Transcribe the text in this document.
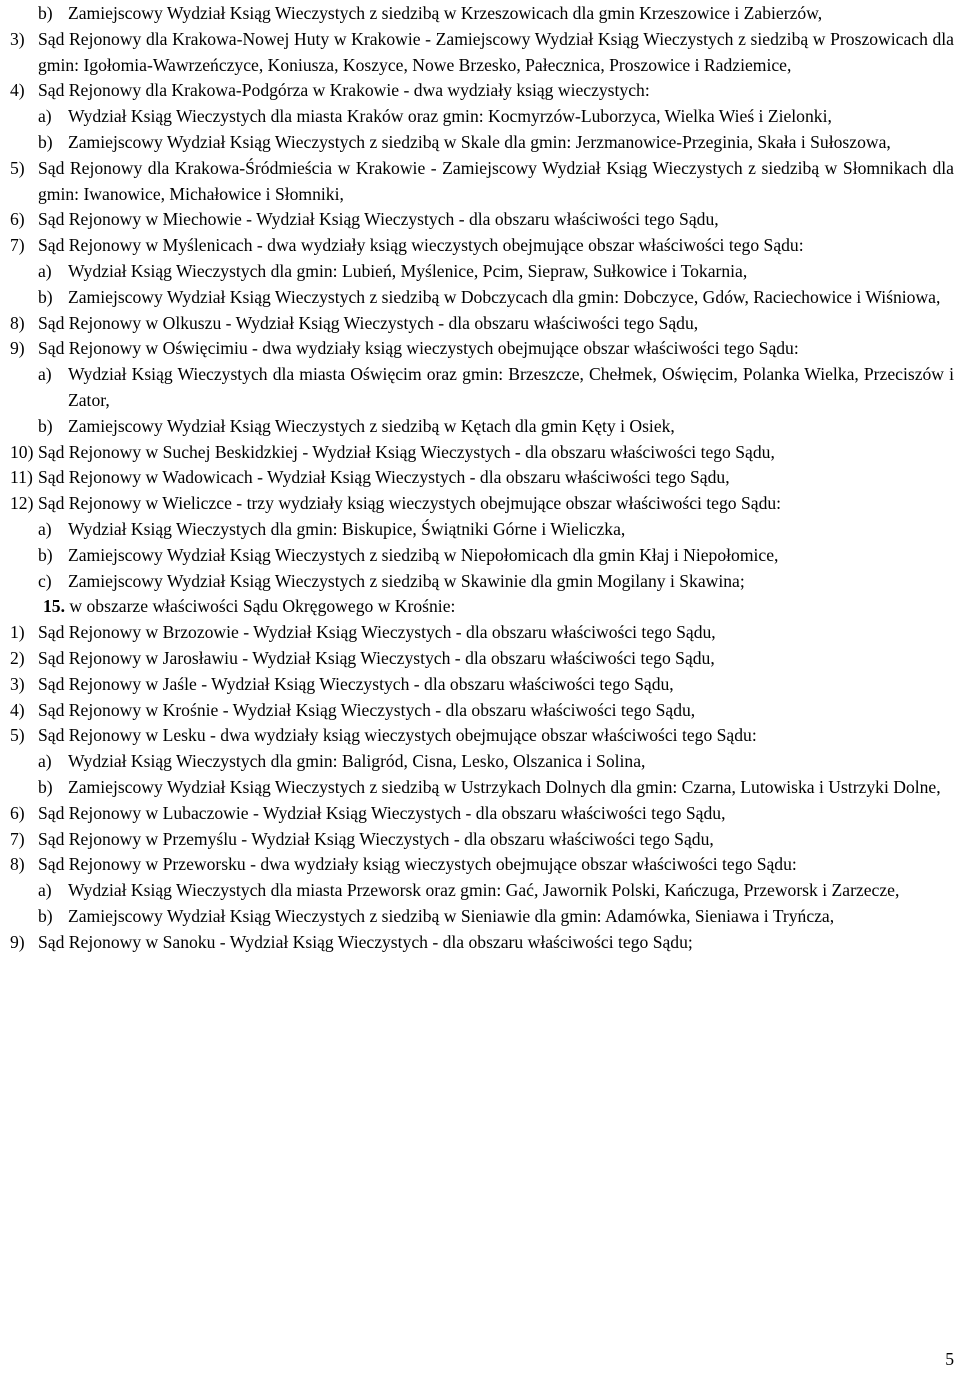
b) Zamiejscowy Wydział Ksiąg Wieczystych z siedzibą w Krzeszowicach dla gmin Krzeszowice i Zabierzów,
3) Sąd Rejonowy dla Krakowa-Nowej Huty w Krakowie - Zamiejscowy Wydział Ksiąg Wieczystych z siedzibą w Proszowicach dla gmin: Igołomia-Wawrzeńczyce, Koniusza, Koszyce, Nowe Brzesko, Pałecznica, Proszowice i Radziemice,
4) Sąd Rejonowy dla Krakowa-Podgórza w Krakowie - dwa wydziały ksiąg wieczystych:
a) Wydział Ksiąg Wieczystych dla miasta Kraków oraz gmin: Kocmyrzów-Luborzyca, Wielka Wieś i Zielonki,
b) Zamiejscowy Wydział Ksiąg Wieczystych z siedzibą w Skale dla gmin: Jerzmanowice-Przeginia, Skała i Sułoszowa,
5) Sąd Rejonowy dla Krakowa-Śródmieścia w Krakowie - Zamiejscowy Wydział Ksiąg Wieczystych z siedzibą w Słomnikach dla gmin: Iwanowice, Michałowice i Słomniki,
6) Sąd Rejonowy w Miechowie - Wydział Ksiąg Wieczystych - dla obszaru właściwości tego Sądu,
7) Sąd Rejonowy w Myślenicach - dwa wydziały ksiąg wieczystych obejmujące obszar właściwości tego Sądu:
a) Wydział Ksiąg Wieczystych dla gmin: Lubień, Myślenice, Pcim, Siepraw, Sułkowice i Tokarnia,
b) Zamiejscowy Wydział Ksiąg Wieczystych z siedzibą w Dobczycach dla gmin: Dobczyce, Gdów, Raciechowice i Wiśniowa,
8) Sąd Rejonowy w Olkuszu - Wydział Ksiąg Wieczystych - dla obszaru właściwości tego Sądu,
9) Sąd Rejonowy w Oświęcimiu - dwa wydziały ksiąg wieczystych obejmujące obszar właściwości tego Sądu:
a) Wydział Ksiąg Wieczystych dla miasta Oświęcim oraz gmin: Brzeszcze, Chełmek, Oświęcim, Polanka Wielka, Przeciszów i Zator,
b) Zamiejscowy Wydział Ksiąg Wieczystych z siedzibą w Kętach dla gmin Kęty i Osiek,
10) Sąd Rejonowy w Suchej Beskidzkiej - Wydział Ksiąg Wieczystych - dla obszaru właściwości tego Sądu,
11) Sąd Rejonowy w Wadowicach - Wydział Ksiąg Wieczystych - dla obszaru właściwości tego Sądu,
12) Sąd Rejonowy w Wieliczce - trzy wydziały ksiąg wieczystych obejmujące obszar właściwości tego Sądu:
a) Wydział Ksiąg Wieczystych dla gmin: Biskupice, Świątniki Górne i Wieliczka,
b) Zamiejscowy Wydział Ksiąg Wieczystych z siedzibą w Niepołomicach dla gmin Kłaj i Niepołomice,
c) Zamiejscowy Wydział Ksiąg Wieczystych z siedzibą w Skawinie dla gmin Mogilany i Skawina;
15. w obszarze właściwości Sądu Okręgowego w Krośnie:
1) Sąd Rejonowy w Brzozowie - Wydział Ksiąg Wieczystych - dla obszaru właściwości tego Sądu,
2) Sąd Rejonowy w Jarosławiu - Wydział Ksiąg Wieczystych - dla obszaru właściwości tego Sądu,
3) Sąd Rejonowy w Jaśle - Wydział Ksiąg Wieczystych - dla obszaru właściwości tego Sądu,
4) Sąd Rejonowy w Krośnie - Wydział Ksiąg Wieczystych - dla obszaru właściwości tego Sądu,
5) Sąd Rejonowy w Lesku - dwa wydziały ksiąg wieczystych obejmujące obszar właściwości tego Sądu:
a) Wydział Ksiąg Wieczystych dla gmin: Baligród, Cisna, Lesko, Olszanica i Solina,
b) Zamiejscowy Wydział Ksiąg Wieczystych z siedzibą w Ustrzykach Dolnych dla gmin: Czarna, Lutowiska i Ustrzyki Dolne,
6) Sąd Rejonowy w Lubaczowie - Wydział Ksiąg Wieczystych - dla obszaru właściwości tego Sądu,
7) Sąd Rejonowy w Przemyślu - Wydział Ksiąg Wieczystych - dla obszaru właściwości tego Sądu,
8) Sąd Rejonowy w Przeworsku - dwa wydziały ksiąg wieczystych obejmujące obszar właściwości tego Sądu:
a) Wydział Ksiąg Wieczystych dla miasta Przeworsk oraz gmin: Gać, Jawornik Polski, Kańczuga, Przeworsk i Zarzecze,
b) Zamiejscowy Wydział Ksiąg Wieczystych z siedzibą w Sieniawie dla gmin: Adamówka, Sieniawa i Tryńcza,
9) Sąd Rejonowy w Sanoku - Wydział Ksiąg Wieczystych - dla obszaru właściwości tego Sądu;
5
